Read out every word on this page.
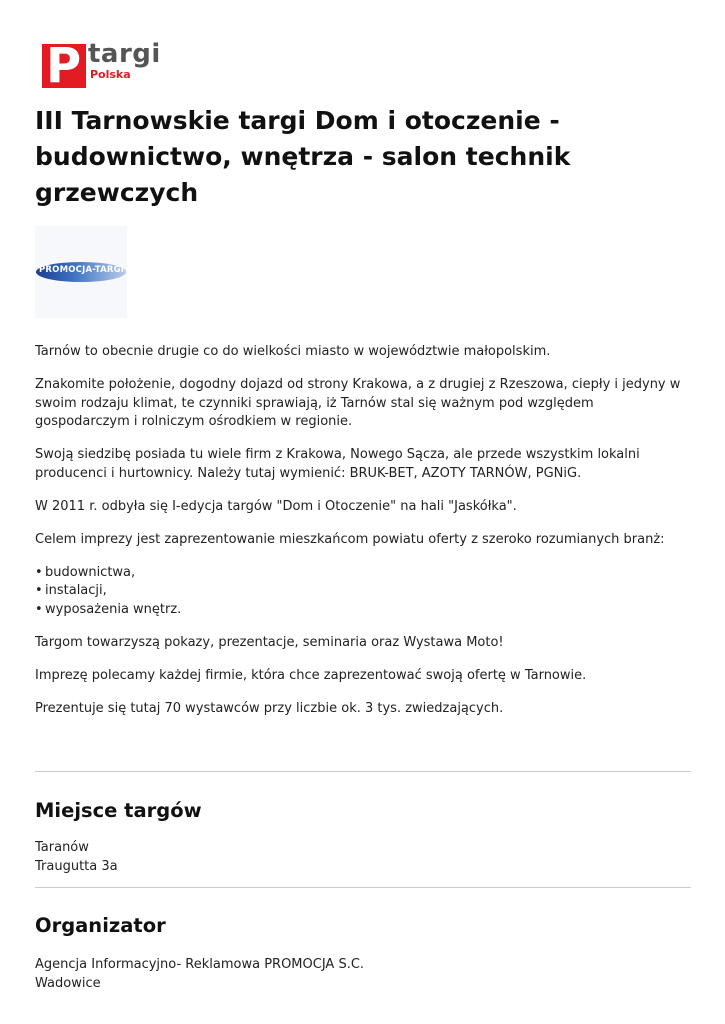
P targi
Polska
III Tarnowskie targi Dom i otoczenie - budownictwo, wnętrza - salon technik grzewczych
PROMOCJA-TARGI

Tarnów to obecnie drugie co do wielkości miasto w województwie małopolskim.

Znakomite położenie, dogodny dojazd od strony Krakowa, a z drugiej z Rzeszowa, ciepły i jedyny w swoim rodzaju klimat, te czynniki sprawiają, iż Tarnów stal się ważnym pod względem gospodarczym i rolniczym ośrodkiem w regionie.

Swoją siedzibę posiada tu wiele firm z Krakowa, Nowego Sącza, ale przede wszystkim lokalni producenci i hurtownicy. Należy tutaj wymienić: BRUK-BET, AZOTY TARNÓW, PGNiG.

W 2011 r. odbyła się I-edycja targów "Dom i Otoczenie" na hali "Jaskółka".

Celem imprezy jest zaprezentowanie mieszkańcom powiatu oferty z szeroko rozumianych branż:

• budownictwa,
• instalacji,
• wyposażenia wnętrz.

Targom towarzyszą pokazy, prezentacje, seminaria oraz Wystawa Moto!

Imprezę polecamy każdej firmie, która chce zaprezentować swoją ofertę w Tarnowie.

Prezentuje się tutaj 70 wystawców przy liczbie ok. 3 tys. zwiedzających.

Miejsce targów
Taranów
Traugutta 3a
Organizator
Agencja Informacyjno- Reklamowa PROMOCJA S.C.
Wadowice
